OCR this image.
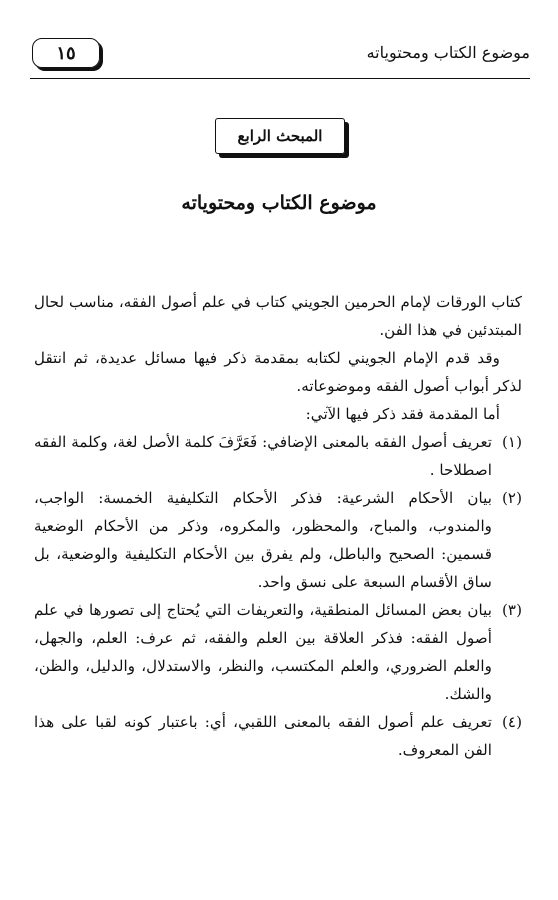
١٥	موضوع الكتاب ومحتوياته
المبحث الرابع
موضوع الكتاب ومحتوياته

كتاب الورقات لإمام الحرمين الجويني كتاب في علم أصول الفقه، مناسب لحال المبتدئين في هذا الفن.

وقد قدم الإمام الجويني لكتابه بمقدمة ذكر فيها مسائل عديدة، ثم انتقل لذكر أبواب أصول الفقه وموضوعاته.

أما المقدمة فقد ذكر فيها الآتي:

(١)
تعريف أصول الفقه بالمعنى الإضافي: فَعَرَّفَ كلمة الأصل لغة، وكلمة الفقه اصطلاحا .
(٢)
بيان الأحكام الشرعية: فذكر الأحكام التكليفية الخمسة: الواجب، والمندوب، والمباح، والمحظور، والمكروه، وذكر من الأحكام الوضعية قسمين: الصحيح والباطل، ولم يفرق بين الأحكام التكليفية والوضعية، بل ساق الأقسام السبعة على نسق واحد.
(٣)
بيان بعض المسائل المنطقية، والتعريفات التي يُحتاج إلى تصورها في علم أصول الفقه: فذكر العلاقة بين العلم والفقه، ثم عرف: العلم، والجهل، والعلم الضروري، والعلم المكتسب، والنظر، والاستدلال، والدليل، والظن، والشك.
(٤)
تعريف علم أصول الفقه بالمعنى اللقبي، أي: باعتبار كونه لقبا على هذا الفن المعروف.
